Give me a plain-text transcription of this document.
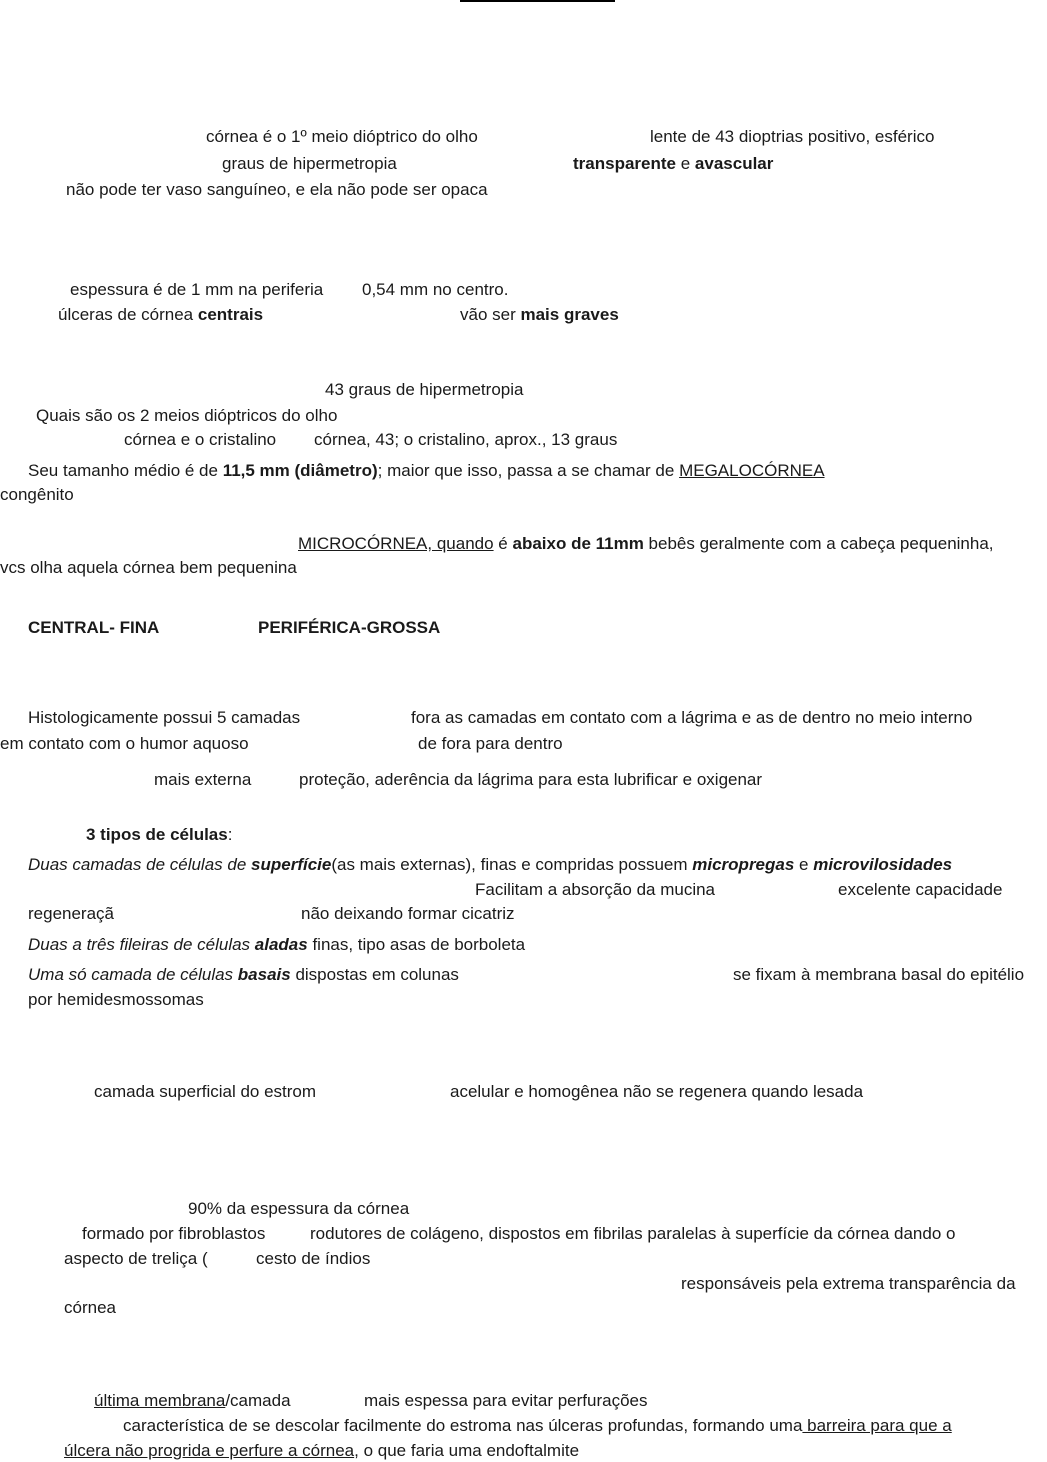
córnea é o 1º meio dióptrico do olho	lente de 43 dioptrias positivo, esférico
graus de hipermetropia	transparente e avascular
não pode ter vaso sanguíneo, e ela não pode ser opaca
espessura é de 1 mm na periferia 0,54 mm no centro.
úlceras de córnea centrais	vão ser mais graves
43 graus de hipermetropia
Quais são os 2 meios dióptricos do olho
córnea e o cristalino córnea, 43; o cristalino, aprox., 13 graus
Seu tamanho médio é de 11,5 mm (diâmetro); maior que isso, passa a se chamar de MEGALOCÓRNEA
congênito
MICROCÓRNEA, quando é abaixo de 11mm bebês geralmente com a cabeça pequeninha,
vcs olha aquela córnea bem pequenina
CENTRAL- FINA	PERIFÉRICA-GROSSA
Histologicamente possui 5 camadas	fora as camadas em contato com a lágrima e as de dentro no meio interno
em contato com o humor aquoso	de fora para dentro
mais externa	proteção, aderência da lágrima para esta lubrificar e oxigenar
3 tipos de células:
Duas camadas de células de superfície(as mais externas), finas e compridas possuem micropregas e microvilosidades
Facilitam a absorção da mucina	excelente capacidade
regeneraçã	não deixando formar cicatriz
Duas a três fileiras de células aladas finas, tipo asas de borboleta
Uma só camada de células basais dispostas em colunas	se fixam à membrana basal do epitélio
por hemidesmossomas
camada superficial do estrom	acelular e homogênea não se regenera quando lesada
90% da espessura da córnea
formado por fibroblastos	rodutores de colágeno, dispostos em fibrilas paralelas à superfície da córnea dando o
aspecto de treliça (	cesto de índios
responsáveis pela extrema transparência da
córnea
última membrana/camada	mais espessa para evitar perfurações
característica de se descolar facilmente do estroma nas úlceras profundas, formando uma barreira para que a
úlcera não progrida e perfure a córnea, o que faria uma endoftalmite
